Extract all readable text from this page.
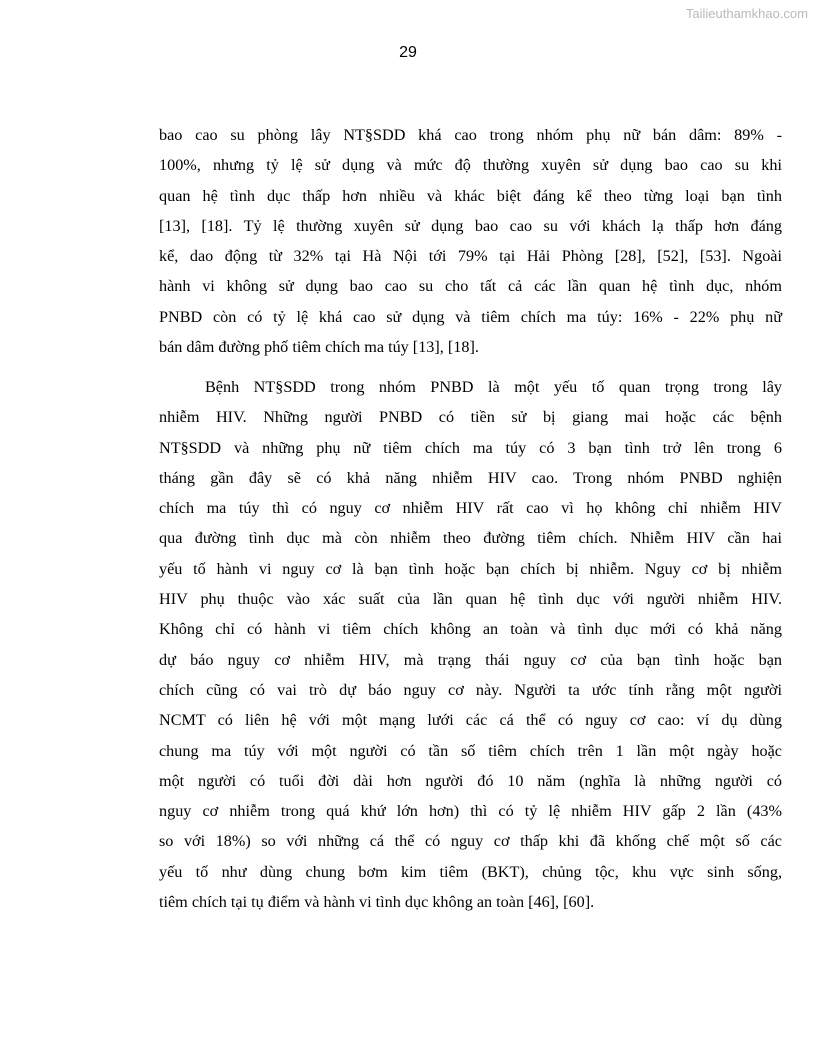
Tailieuthamkhao.com
29
bao cao su phòng lây NT§SDD khá cao trong nhóm phụ nữ bán dâm: 89% -
100%, nhưng tỷ lệ sử dụng và mức độ thường xuyên sử dụng bao cao su khi
quan hệ tình dục thấp hơn nhiều và khác biệt đáng kể theo từng loại bạn tình
[13], [18]. Tỷ lệ thường xuyên sử dụng bao cao su với khách lạ thấp hơn đáng
kể, dao động từ 32% tại Hà Nội tới 79% tại Hải Phòng [28], [52], [53]. Ngoài
hành vi không sử dụng bao cao su cho tất cả các lần quan hệ tình dục, nhóm
PNBD còn có tỷ lệ khá cao sử dụng và tiêm chích ma túy: 16% - 22% phụ nữ
bán dâm đường phố tiêm chích ma túy [13], [18].
Bệnh NT§SDD trong nhóm PNBD là một yếu tố quan trọng trong lây
nhiễm HIV. Những người PNBD có tiền sử bị giang mai hoặc các bệnh
NT§SDD và những phụ nữ tiêm chích ma túy có 3 bạn tình trở lên trong 6
tháng gần đây sẽ có khả năng nhiễm HIV cao. Trong nhóm PNBD nghiện
chích ma túy thì có nguy cơ nhiễm HIV rất cao vì họ không chỉ nhiễm HIV
qua đường tình dục mà còn nhiễm theo đường tiêm chích. Nhiễm HIV cần hai
yếu tố hành vi nguy cơ là bạn tình hoặc bạn chích bị nhiễm. Nguy cơ bị nhiễm
HIV phụ thuộc vào xác suất của lần quan hệ tình dục với người nhiễm HIV.
Không chỉ có hành vi tiêm chích không an toàn và tình dục mới có khả năng
dự báo nguy cơ nhiễm HIV, mà trạng thái nguy cơ của bạn tình hoặc bạn
chích cũng có vai trò dự báo nguy cơ này. Người ta ước tính rằng một người
NCMT có liên hệ với một mạng lưới các cá thể có nguy cơ cao: ví dụ dùng
chung ma túy với một người có tần số tiêm chích trên 1 lần một ngày hoặc
một người có tuổi đời dài hơn người đó 10 năm (nghĩa là những người có
nguy cơ nhiễm trong quá khứ lớn hơn) thì có tỷ lệ nhiễm HIV gấp 2 lần (43%
so với 18%) so với những cá thể có nguy cơ thấp khi đã khống chế một số các
yếu tố như dùng chung bơm kim tiêm (BKT), chủng tộc, khu vực sinh sống,
tiêm chích tại tụ điểm và hành vi tình dục không an toàn [46], [60].
